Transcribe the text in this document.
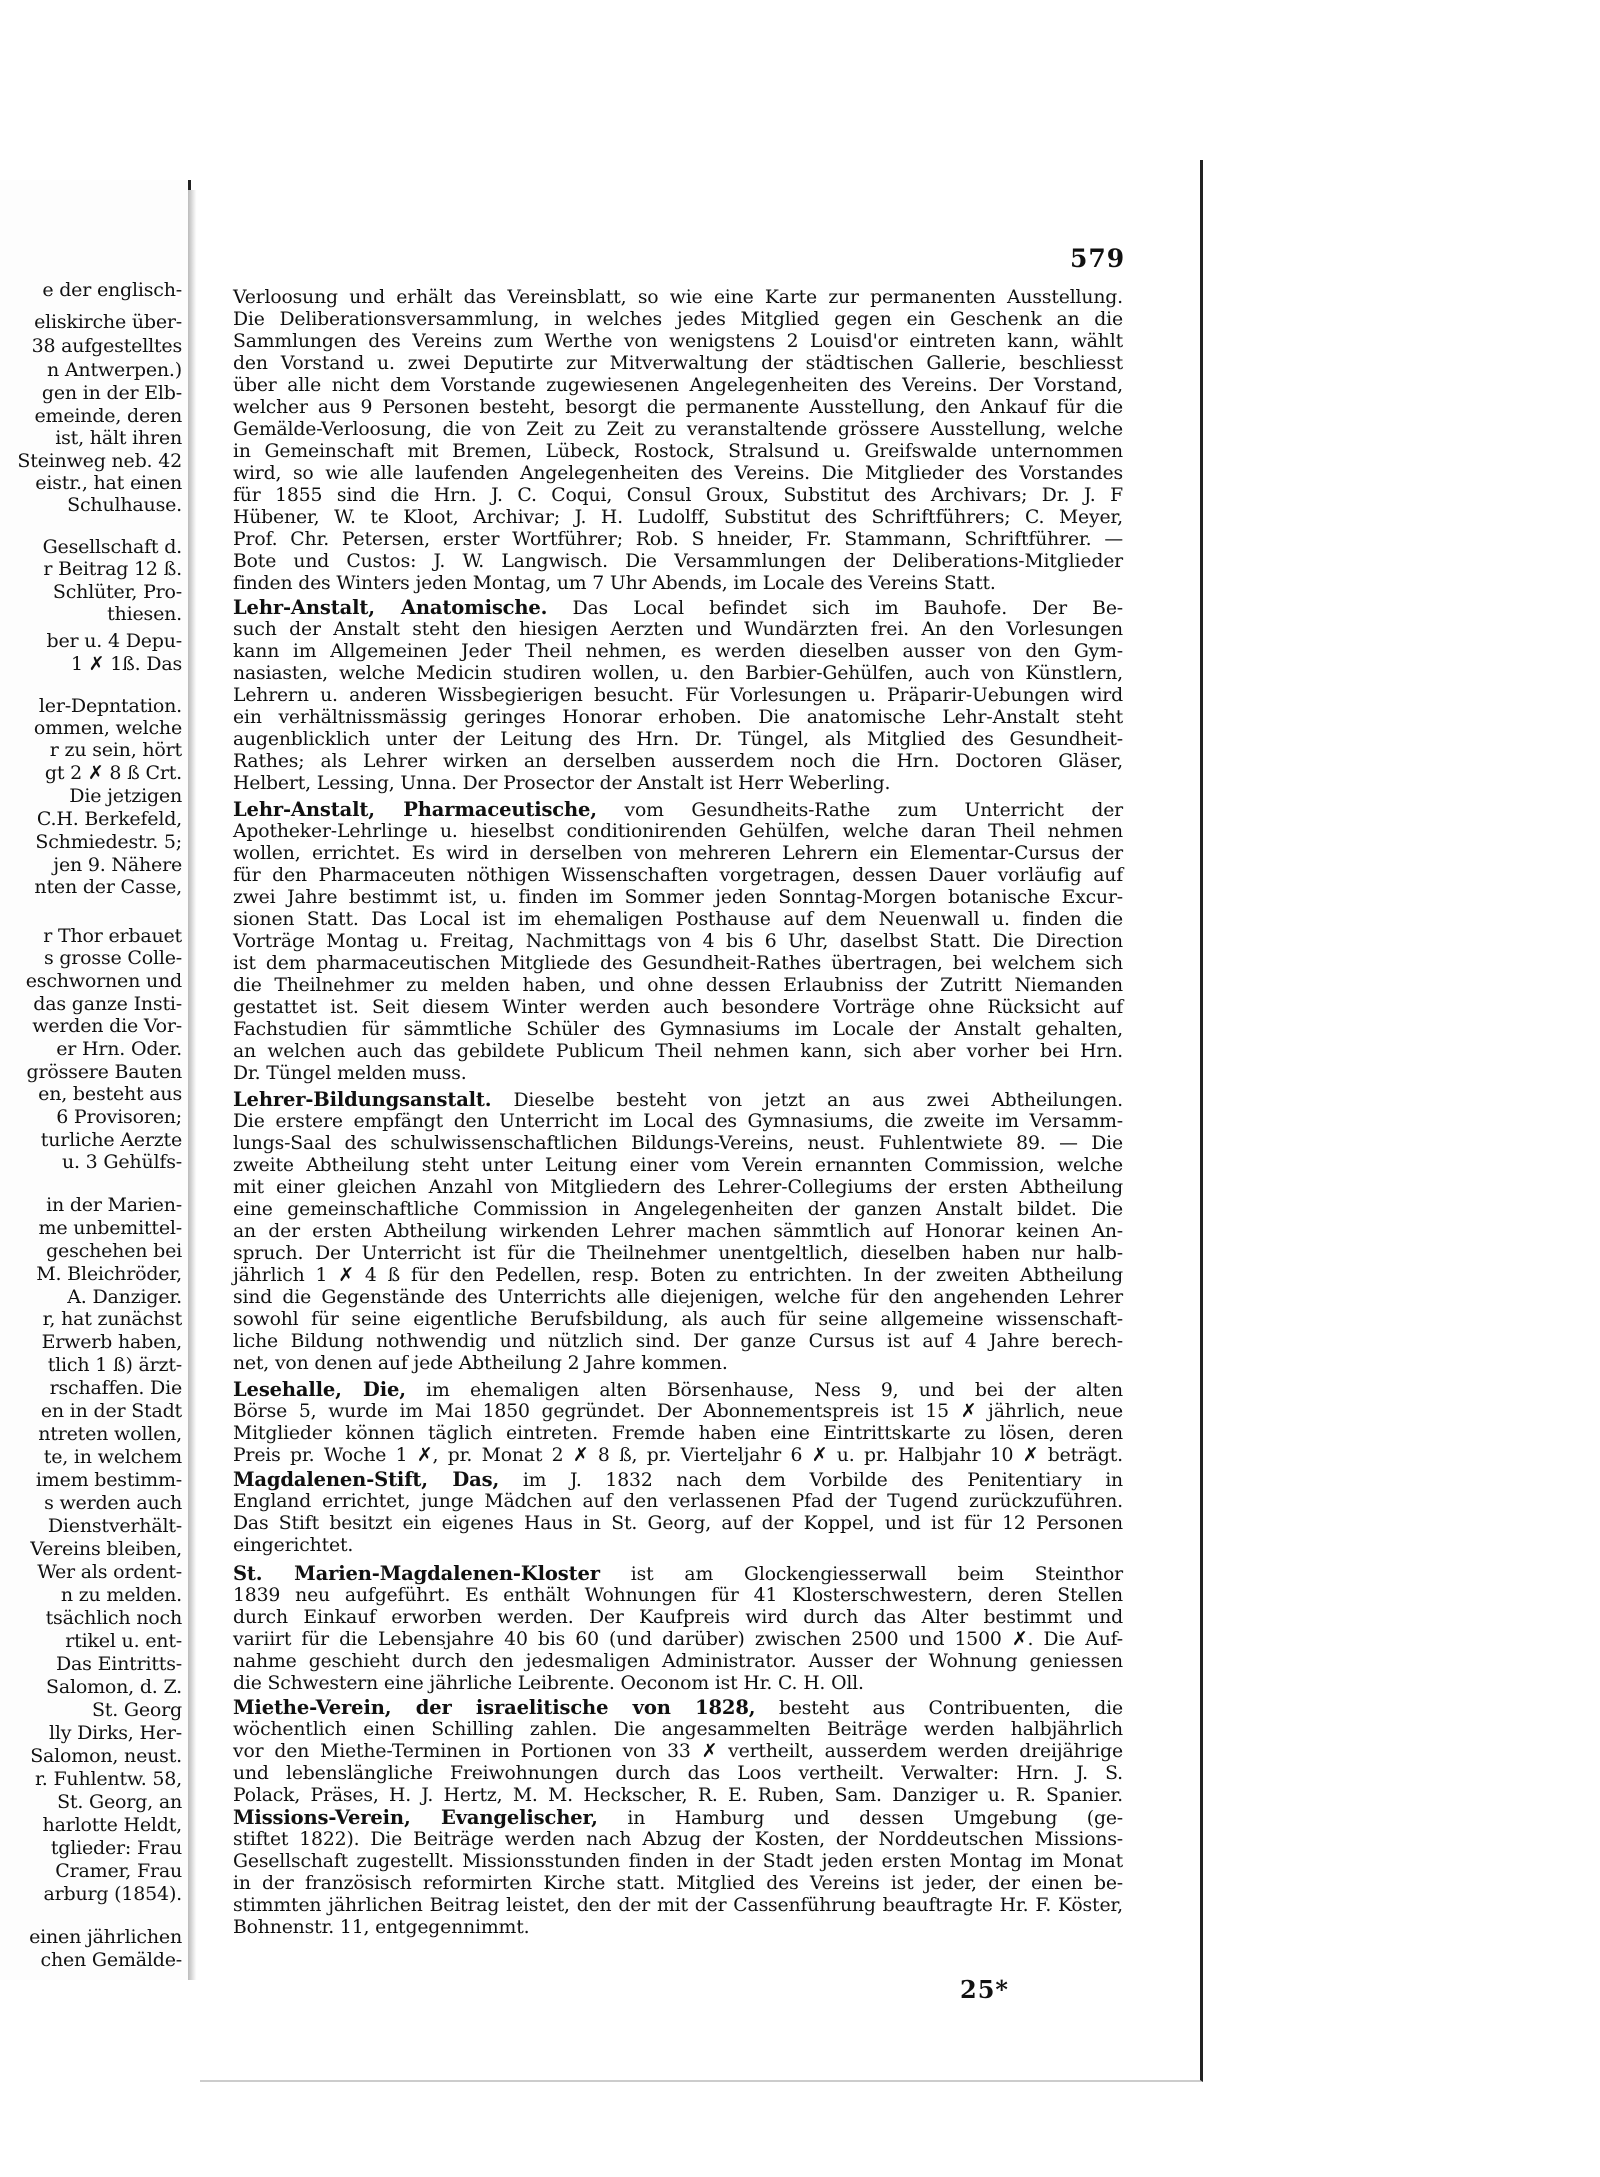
e der englisch-
eliskirche über-
38 aufgestelltes
n Antwerpen.)
gen in der Elb-
emeinde, deren
ist, hält ihren
Steinweg neb. 42
eistr., hat einen
Schulhause.
Gesellschaft d.
r Beitrag 12 ß.
Schlüter, Pro-
thiesen.
ber u. 4 Depu-
1 ✗ 1ß. Das
ler-Depntation.
ommen, welche
r zu sein, hört
gt 2 ✗ 8 ß Crt.
Die jetzigen
C.H. Berkefeld,
Schmiedestr. 5;
jen 9. Nähere
nten der Casse,
r Thor erbauet
s grosse Colle-
eschwornen und
das ganze Insti-
werden die Vor-
er Hrn. Oder.
grössere Bauten
en, besteht aus
6 Provisoren;
turliche Aerzte
u. 3 Gehülfs-
in der Marien-
me unbemittel-
geschehen bei
M. Bleichröder,
A. Danziger.
r, hat zunächst
Erwerb haben,
tlich 1 ß) ärzt-
rschaffen. Die
en in der Stadt
ntreten wollen,
te, in welchem
imem bestimm-
s werden auch
Dienstverhält-
Vereins bleiben,
Wer als ordent-
n zu melden.
tsächlich noch
rtikel u. ent-
Das Eintritts-
Salomon, d. Z.
St. Georg
lly Dirks, Her-
Salomon, neust.
r. Fuhlentw. 58,
St. Georg, an
harlotte Heldt,
tglieder: Frau
Cramer, Frau
arburg (1854).
einen jährlichen
chen Gemälde-
579
Verloosung und erhält das Vereinsblatt, so wie eine Karte zur permanenten Ausstellung.
Die Deliberationsversammlung, in welches jedes Mitglied gegen ein Geschenk an die
Sammlungen des Vereins zum Werthe von wenigstens 2 Louisd'or eintreten kann, wählt
den Vorstand u. zwei Deputirte zur Mitverwaltung der städtischen Gallerie, beschliesst
über alle nicht dem Vorstande zugewiesenen Angelegenheiten des Vereins. Der Vorstand,
welcher aus 9 Personen besteht, besorgt die permanente Ausstellung, den Ankauf für die
Gemälde-Verloosung, die von Zeit zu Zeit zu veranstaltende grössere Ausstellung, welche
in Gemeinschaft mit Bremen, Lübeck, Rostock, Stralsund u. Greifswalde unternommen
wird, so wie alle laufenden Angelegenheiten des Vereins. Die Mitglieder des Vorstandes
für 1855 sind die Hrn. J. C. Coqui, Consul Groux, Substitut des Archivars; Dr. J. F
Hübener, W. te Kloot, Archivar; J. H. Ludolff, Substitut des Schriftführers; C. Meyer,
Prof. Chr. Petersen, erster Wortführer; Rob. S hneider, Fr. Stammann, Schriftführer. —
Bote und Custos: J. W. Langwisch. Die Versammlungen der Deliberations-Mitglieder
finden des Winters jeden Montag, um 7 Uhr Abends, im Locale des Vereins Statt.
Lehr-Anstalt, Anatomische. Das Local befindet sich im Bauhofe. Der Be-
such der Anstalt steht den hiesigen Aerzten und Wundärzten frei. An den Vorlesungen
kann im Allgemeinen Jeder Theil nehmen, es werden dieselben ausser von den Gym-
nasiasten, welche Medicin studiren wollen, u. den Barbier-Gehülfen, auch von Künstlern,
Lehrern u. anderen Wissbegierigen besucht. Für Vorlesungen u. Präparir-Uebungen wird
ein verhältnissmässig geringes Honorar erhoben. Die anatomische Lehr-Anstalt steht
augenblicklich unter der Leitung des Hrn. Dr. Tüngel, als Mitglied des Gesundheit-
Rathes; als Lehrer wirken an derselben ausserdem noch die Hrn. Doctoren Gläser,
Helbert, Lessing, Unna. Der Prosector der Anstalt ist Herr Weberling.
Lehr-Anstalt, Pharmaceutische, vom Gesundheits-Rathe zum Unterricht der
Apotheker-Lehrlinge u. hieselbst conditionirenden Gehülfen, welche daran Theil nehmen
wollen, errichtet. Es wird in derselben von mehreren Lehrern ein Elementar-Cursus der
für den Pharmaceuten nöthigen Wissenschaften vorgetragen, dessen Dauer vorläufig auf
zwei Jahre bestimmt ist, u. finden im Sommer jeden Sonntag-Morgen botanische Excur-
sionen Statt. Das Local ist im ehemaligen Posthause auf dem Neuenwall u. finden die
Vorträge Montag u. Freitag, Nachmittags von 4 bis 6 Uhr, daselbst Statt. Die Direction
ist dem pharmaceutischen Mitgliede des Gesundheit-Rathes übertragen, bei welchem sich
die Theilnehmer zu melden haben, und ohne dessen Erlaubniss der Zutritt Niemanden
gestattet ist. Seit diesem Winter werden auch besondere Vorträge ohne Rücksicht auf
Fachstudien für sämmtliche Schüler des Gymnasiums im Locale der Anstalt gehalten,
an welchen auch das gebildete Publicum Theil nehmen kann, sich aber vorher bei Hrn.
Dr. Tüngel melden muss.
Lehrer-Bildungsanstalt. Dieselbe besteht von jetzt an aus zwei Abtheilungen.
Die erstere empfängt den Unterricht im Local des Gymnasiums, die zweite im Versamm-
lungs-Saal des schulwissenschaftlichen Bildungs-Vereins, neust. Fuhlentwiete 89. — Die
zweite Abtheilung steht unter Leitung einer vom Verein ernannten Commission, welche
mit einer gleichen Anzahl von Mitgliedern des Lehrer-Collegiums der ersten Abtheilung
eine gemeinschaftliche Commission in Angelegenheiten der ganzen Anstalt bildet. Die
an der ersten Abtheilung wirkenden Lehrer machen sämmtlich auf Honorar keinen An-
spruch. Der Unterricht ist für die Theilnehmer unentgeltlich, dieselben haben nur halb-
jährlich 1 ✗ 4 ß für den Pedellen, resp. Boten zu entrichten. In der zweiten Abtheilung
sind die Gegenstände des Unterrichts alle diejenigen, welche für den angehenden Lehrer
sowohl für seine eigentliche Berufsbildung, als auch für seine allgemeine wissenschaft-
liche Bildung nothwendig und nützlich sind. Der ganze Cursus ist auf 4 Jahre berech-
net, von denen auf jede Abtheilung 2 Jahre kommen.
Lesehalle, Die, im ehemaligen alten Börsenhause, Ness 9, und bei der alten
Börse 5, wurde im Mai 1850 gegründet. Der Abonnementspreis ist 15 ✗ jährlich, neue
Mitglieder können täglich eintreten. Fremde haben eine Eintrittskarte zu lösen, deren
Preis pr. Woche 1 ✗, pr. Monat 2 ✗ 8 ß, pr. Vierteljahr 6 ✗ u. pr. Halbjahr 10 ✗ beträgt.
Magdalenen-Stift, Das, im J. 1832 nach dem Vorbilde des Penitentiary in
England errichtet, junge Mädchen auf den verlassenen Pfad der Tugend zurückzuführen.
Das Stift besitzt ein eigenes Haus in St. Georg, auf der Koppel, und ist für 12 Personen
eingerichtet.
St. Marien-Magdalenen-Kloster ist am Glockengiesserwall beim Steinthor
1839 neu aufgeführt. Es enthält Wohnungen für 41 Klosterschwestern, deren Stellen
durch Einkauf erworben werden. Der Kaufpreis wird durch das Alter bestimmt und
variirt für die Lebensjahre 40 bis 60 (und darüber) zwischen 2500 und 1500 ✗. Die Auf-
nahme geschieht durch den jedesmaligen Administrator. Ausser der Wohnung geniessen
die Schwestern eine jährliche Leibrente. Oeconom ist Hr. C. H. Oll.
Miethe-Verein, der israelitische von 1828, besteht aus Contribuenten, die
wöchentlich einen Schilling zahlen. Die angesammelten Beiträge werden halbjährlich
vor den Miethe-Terminen in Portionen von 33 ✗ vertheilt, ausserdem werden dreijährige
und lebenslängliche Freiwohnungen durch das Loos vertheilt. Verwalter: Hrn. J. S.
Polack, Präses, H. J. Hertz, M. M. Heckscher, R. E. Ruben, Sam. Danziger u. R. Spanier.
Missions-Verein, Evangelischer, in Hamburg und dessen Umgebung (ge-
stiftet 1822). Die Beiträge werden nach Abzug der Kosten, der Norddeutschen Missions-
Gesellschaft zugestellt. Missionsstunden finden in der Stadt jeden ersten Montag im Monat
in der französisch reformirten Kirche statt. Mitglied des Vereins ist jeder, der einen be-
stimmten jährlichen Beitrag leistet, den der mit der Cassenführung beauftragte Hr. F. Köster,
Bohnenstr. 11, entgegennimmt.
25*
